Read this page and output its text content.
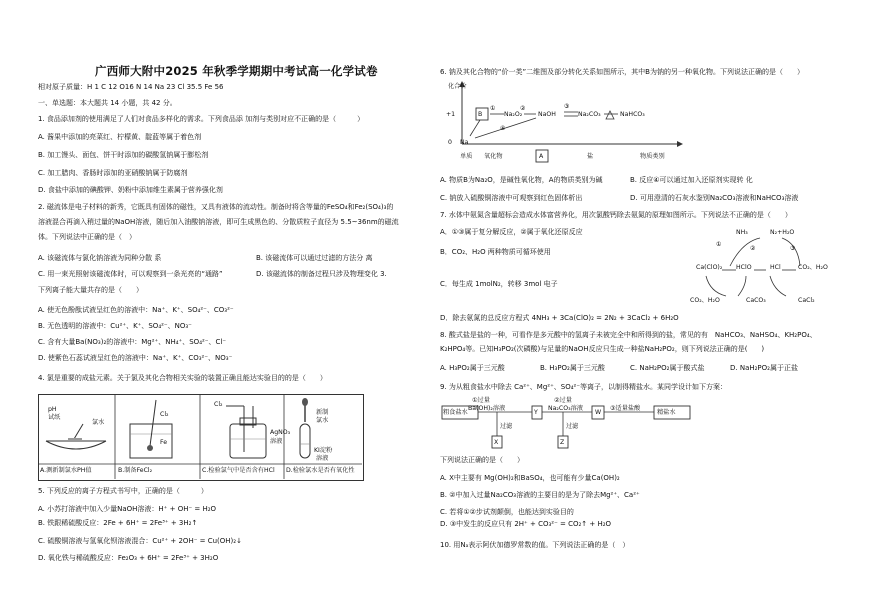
广西师大附中2025 年秋季学期期中考试高一化学试卷
相对原子质量：H 1 C 12 O16 N 14 Na 23 Cl 35.5 Fe 56
一、单选题：本大题共 14 小题，共 42 分。
1. 食品添加剂的使用满足了人们对食品多样化的需求。下列食品添 加剂与类别对应不正确的是（　　　）
A. 酱果中添加的亮菜红、柠檬黄、靛蓝等属于着色剂
B. 加工馒头、面包、饼干时添加的碳酸氢钠属于膨松剂
C. 加工腊肉、香肠时添加的亚硝酸钠属于防腐剂
D. 食盐中添加的碘酸钾、奶粉中添加维生素属于营养强化剂
2. 磁流体是电子材料的新秀，它既具有固体的磁性，又具有液体的流动性。制备时将含等量的FeSO₄和Fe₂(SO₄)₃的
溶液混合再滴入稍过量的NaOH溶液，随后加入油酸钠溶液，即可生成黑色的、分散质粒子直径为 5.5~36nm的磁流
体。下列说法中正确的是（　）
A. 该磁流体与氯化钠溶液为同种分散 系	B. 该磁流体可以通过过滤的方法分 离
C. 用一束光照射该磁流体时，可以观察到一条光亮的“通路”	D. 该磁流体的制备过程只涉及物理变化 3.
下列离子能大量共存的是（　　）
A. 使无色酚酞试液呈红色的溶液中：Na⁺、K⁺、SO₄²⁻、CO₃²⁻
B. 无色透明的溶液中：Cu²⁺、K⁺、SO₄²⁻、NO₃⁻
C. 含有大量Ba(NO₃)₂的溶液中：Mg²⁺、NH₄⁺、SO₄²⁻、Cl⁻
D. 使紫色石蕊试液呈红色的溶液中：Na⁺、K⁺、CO₃²⁻、NO₃⁻
4. 氯是重要的成盐元素。关于氯及其化合物相关实验的装置正确且能达实验目的的是（　　）
pH
试纸
氯水
Cl₂
Fe
Cl₂
AgNO₃
溶液
新制
氯水
KI淀粉
溶液
A.测新制氯水PH值	B.制备FeCl₂	C.检验氯气中是否含有HCl D.检验氯水是否有氧化性
5. 下列反应的离子方程式书写中，正确的是（　　　）
A. 小苏打溶液中加入少量NaOH溶液：H⁺ + OH⁻ = H₂O
B. 铁跟稀硫酸反应：2Fe + 6H⁺ = 2Fe³⁺ + 3H₂↑
C. 硫酸铜溶液与氢氧化钡溶液混合：Cu²⁺ + 2OH⁻ = Cu(OH)₂↓
D. 氧化铁与稀硫酸反应：Fe₂O₃ + 6H⁺ = 2Fe³⁺ + 3H₂O
6. 钠及其化合物的“价一类”二维图及部分转化关系如图所示，其中B为钠的另一种氧化物。下列说法正确的是（　　）
④
①	②	③
化合价
+1
0 Na
B	Na₂O₂	NaOH	Na₂CO₃	NaHCO₃
单质 氧化物	A	盐	物质类别
A. 物质B为Na₂O，是碱性氧化物，A的物质类别为碱	B. 反应④可以通过加入还原剂实现转 化
C. 钠放入硫酸铜溶液中可观察到红色固体析出	D. 可用澄清的石灰水鉴别Na₂CO₃溶液和NaHCO₃溶液
7. 水体中氨氮含量超标会造成水体富营养化，用次氯酸钙除去氨氮的原理如图所示。下列说法不正确的是（　　）
A．①③属于复分解反应，②属于氧化还原反应
B．CO₂、H₂O 两种物质可循环使用
C．每生成 1molN₂，转移 3mol 电子
D．除去氨氮的总反应方程式 4NH₃ + 3Ca(ClO)₂ = 2N₂ + 3CaCl₂ + 6H₂O
①
②	③
NH₃	N₂+H₂O
Ca(ClO)₂ HClO	HCl	CO₂、H₂O
CO₂、H₂O	CaCO₃	CaCl₂
8. 酸式盐是盐的一种，可看作是多元酸中的氢离子未被完全中和所得到的盐，常见的有　NaHCO₃、NaHSO₄、KH₂PO₄、
K₂HPO₄等。已知H₃PO₂(次磷酸)与足量的NaOH反应只生成一种盐NaH₂PO₂，则下列说法正确的是(　　)
A. H₃PO₂属于三元酸	B. H₃PO₂属于三元酸	C. NaH₂PO₂属于酸式盐	D. NaH₂PO₂属于正盐
9. 为从粗食盐水中除去 Ca²⁺、Mg²⁺、SO₄²⁻等离子，以制得精盐水。某同学设计如下方案：
粗食盐水
①过量
Ba(OH)₂溶液
Y
②过量
Na₂CO₃溶液
W
③适量盐酸
精盐水
过滤
X
过滤
Z
下列说法正确的是（　　）
A. X中主要有 Mg(OH)₂和BaSO₄，也可能有少量Ca(OH)₂
B. ②中加入过量Na₂CO₃溶液的主要目的是为了除去Mg²⁺、Ca²⁺
C. 若将①②步试剂颠倒，也能达到实验目的
D. ③中发生的反应只有 2H⁺ + CO₃²⁻ = CO₂↑ + H₂O
10. 用Nₐ表示阿伏加德罗常数的值。下列说法正确的是（　）
